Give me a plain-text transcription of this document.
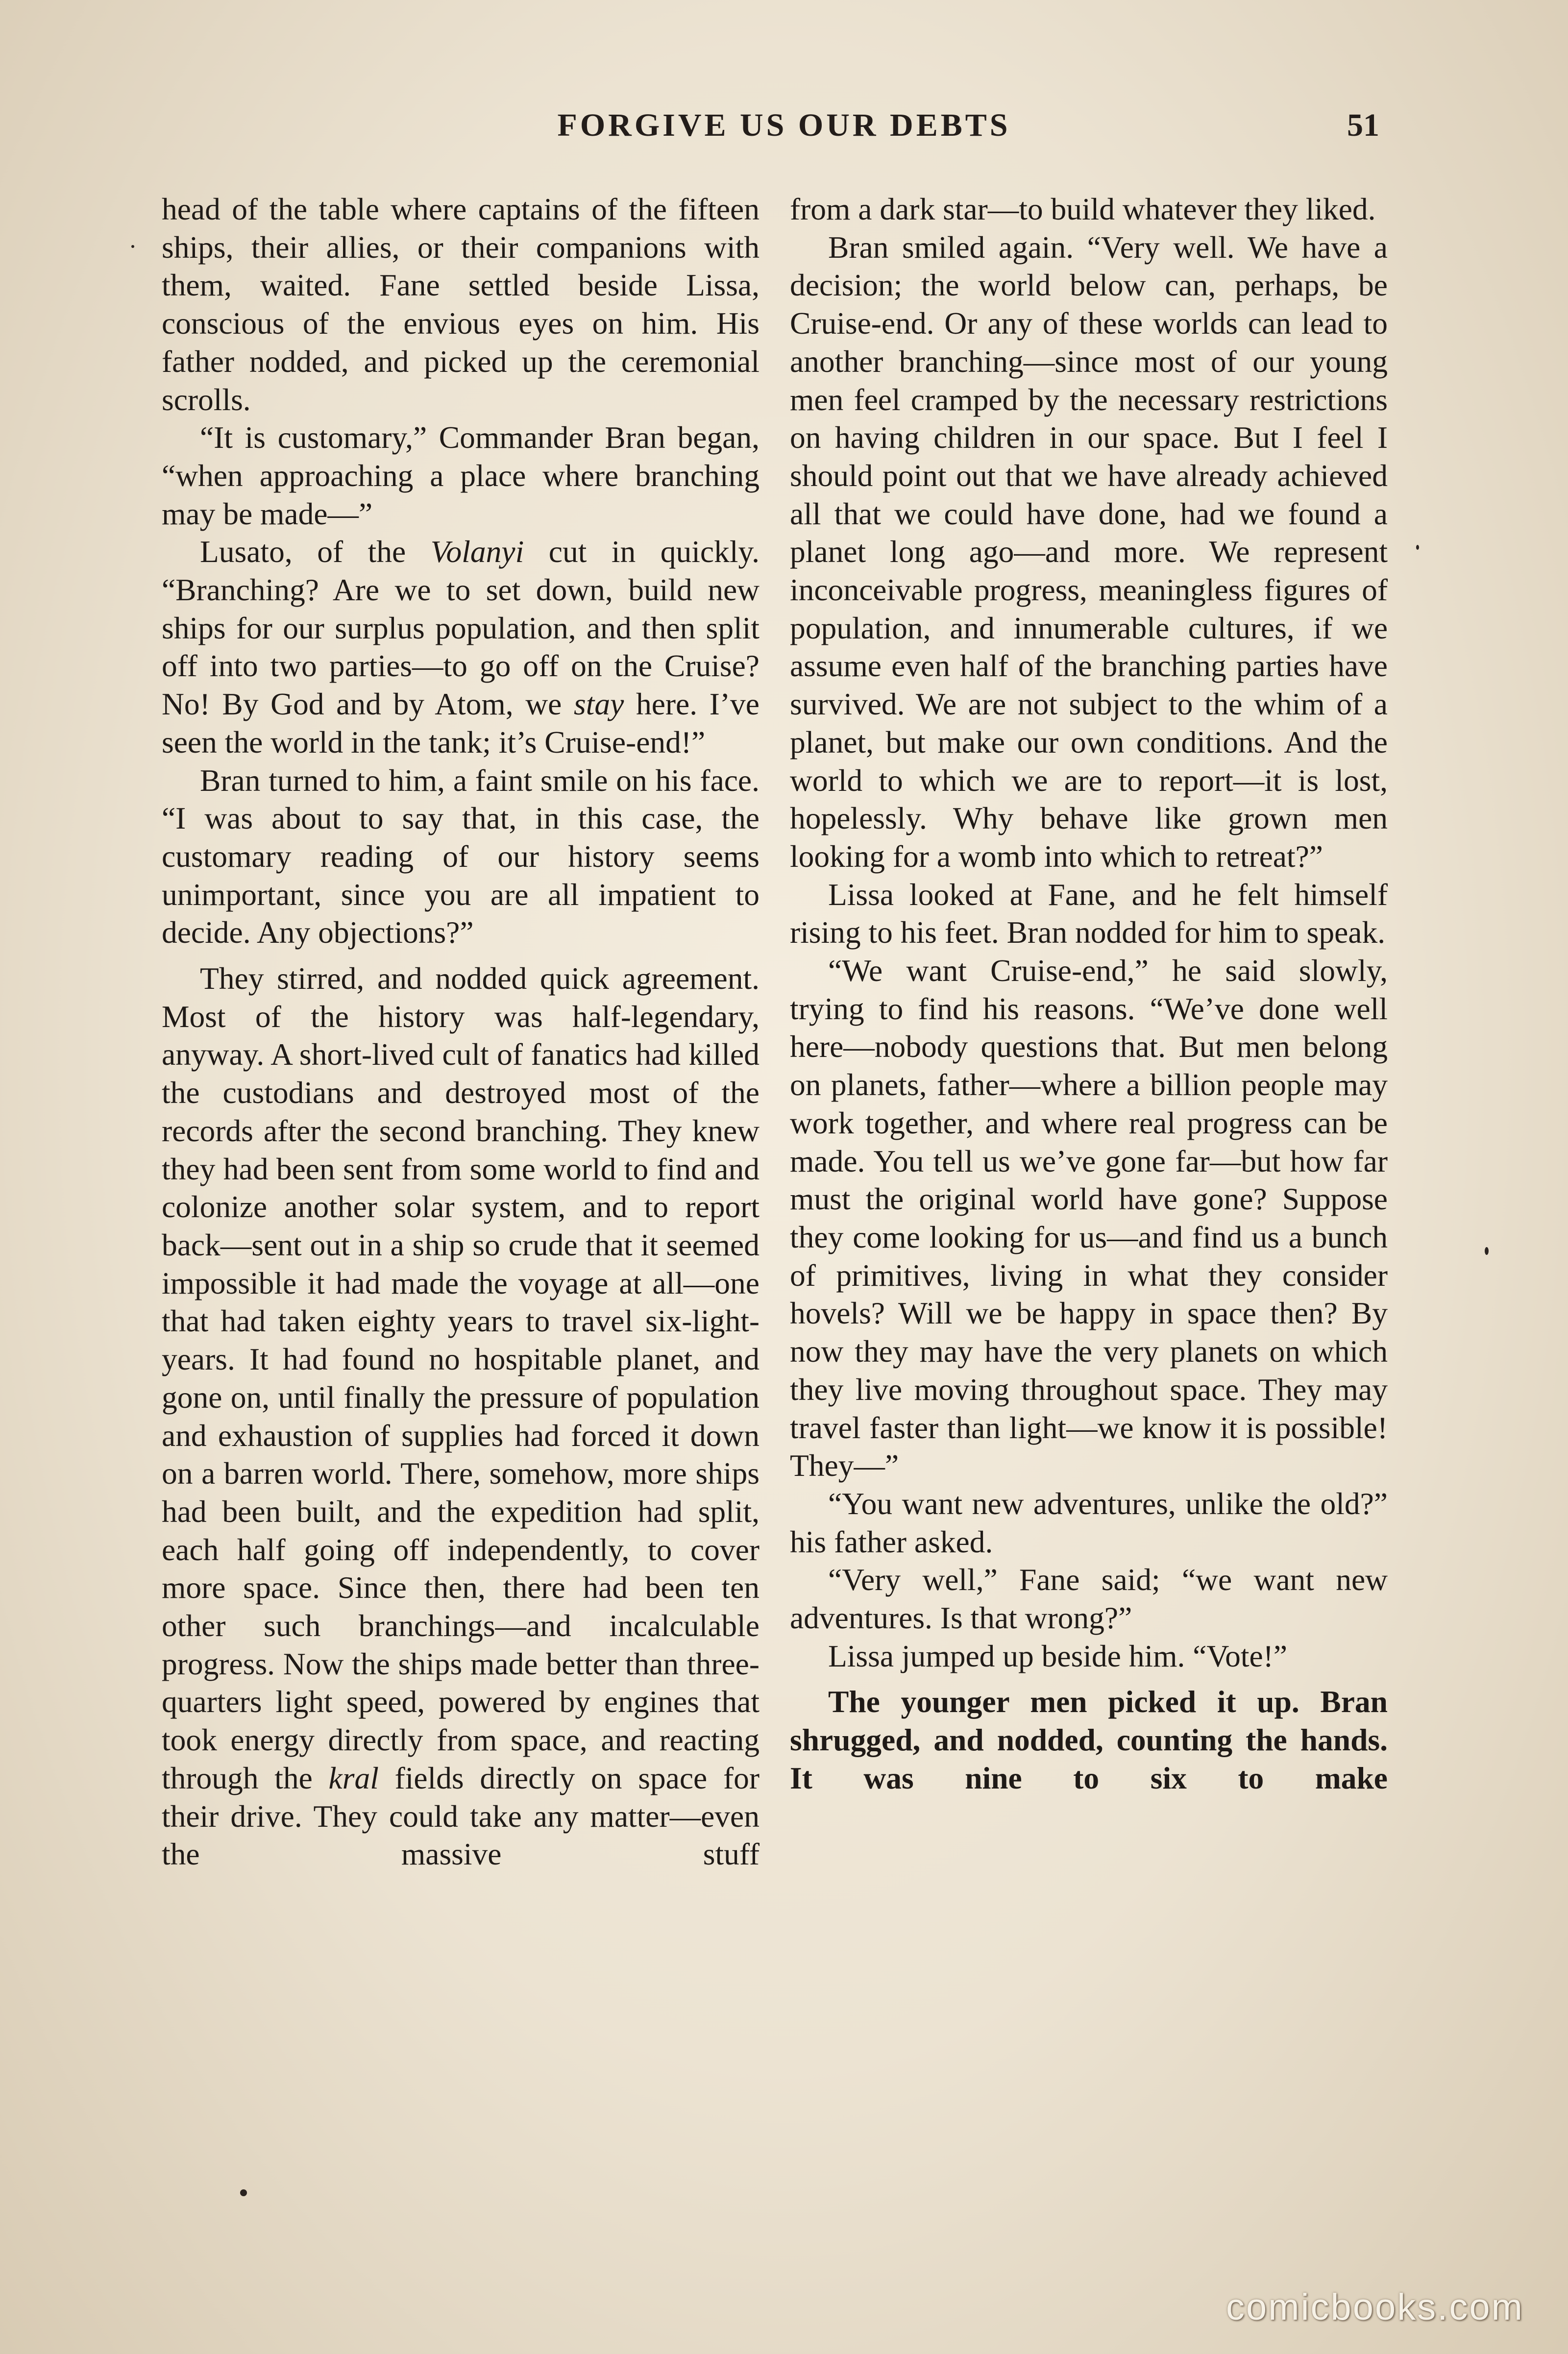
FORGIVE US OUR DEBTS	51

head of the table where captains of the fifteen ships, their allies, or their companions with them, waited. Fane settled beside Lissa, conscious of the envious eyes on him. His father nodded, and picked up the ceremonial scrolls.

“It is customary,” Commander Bran began, “when approaching a place where branching may be made—”

Lusato, of the Volanyi cut in quickly. “Branching? Are we to set down, build new ships for our surplus population, and then split off into two parties—to go off on the Cruise? No! By God and by Atom, we stay here. I’ve seen the world in the tank; it’s Cruise-end!”

Bran turned to him, a faint smile on his face. “I was about to say that, in this case, the customary reading of our history seems unimportant, since you are all impatient to decide. Any objections?”

They stirred, and nodded quick agreement. Most of the history was half-legendary, anyway. A short-lived cult of fanatics had killed the custodians and destroyed most of the records after the second branching. They knew they had been sent from some world to find and colonize another solar system, and to report back—sent out in a ship so crude that it seemed impossible it had made the voyage at all—one that had taken eighty years to travel six-light-years. It had found no hospitable planet, and gone on, until finally the pressure of population and exhaustion of supplies had forced it down on a barren world. There, somehow, more ships had been built, and the expedition had split, each half going off independently, to cover more space. Since then, there had been ten other such branchings—and incalculable progress. Now the ships made better than three-quarters light speed, powered by engines that took energy directly from space, and reacting through the kral fields directly on space for their drive. They could take any matter—even the massive stuff

from a dark star—to build whatever they liked.

Bran smiled again. “Very well. We have a decision; the world below can, perhaps, be Cruise-end. Or any of these worlds can lead to another branching—since most of our young men feel cramped by the necessary restrictions on having children in our space. But I feel I should point out that we have already achieved all that we could have done, had we found a planet long ago—and more. We represent inconceivable progress, meaningless figures of population, and innumerable cultures, if we assume even half of the branching parties have survived. We are not subject to the whim of a planet, but make our own conditions. And the world to which we are to report—it is lost, hopelessly. Why behave like grown men looking for a womb into which to retreat?”

Lissa looked at Fane, and he felt himself rising to his feet. Bran nodded for him to speak.

“We want Cruise-end,” he said slowly, trying to find his reasons. “We’ve done well here—nobody questions that. But men belong on planets, father—where a billion people may work together, and where real progress can be made. You tell us we’ve gone far—but how far must the original world have gone? Suppose they come looking for us—and find us a bunch of primitives, living in what they consider hovels? Will we be happy in space then? By now they may have the very planets on which they live moving throughout space. They may travel faster than light—we know it is possible! They—”

“You want new adventures, unlike the old?” his father asked.

“Very well,” Fane said; “we want new adventures. Is that wrong?”

Lissa jumped up beside him. “Vote!”

The younger men picked it up. Bran shrugged, and nodded, counting the hands. It was nine to six to make

comicbooks.com
